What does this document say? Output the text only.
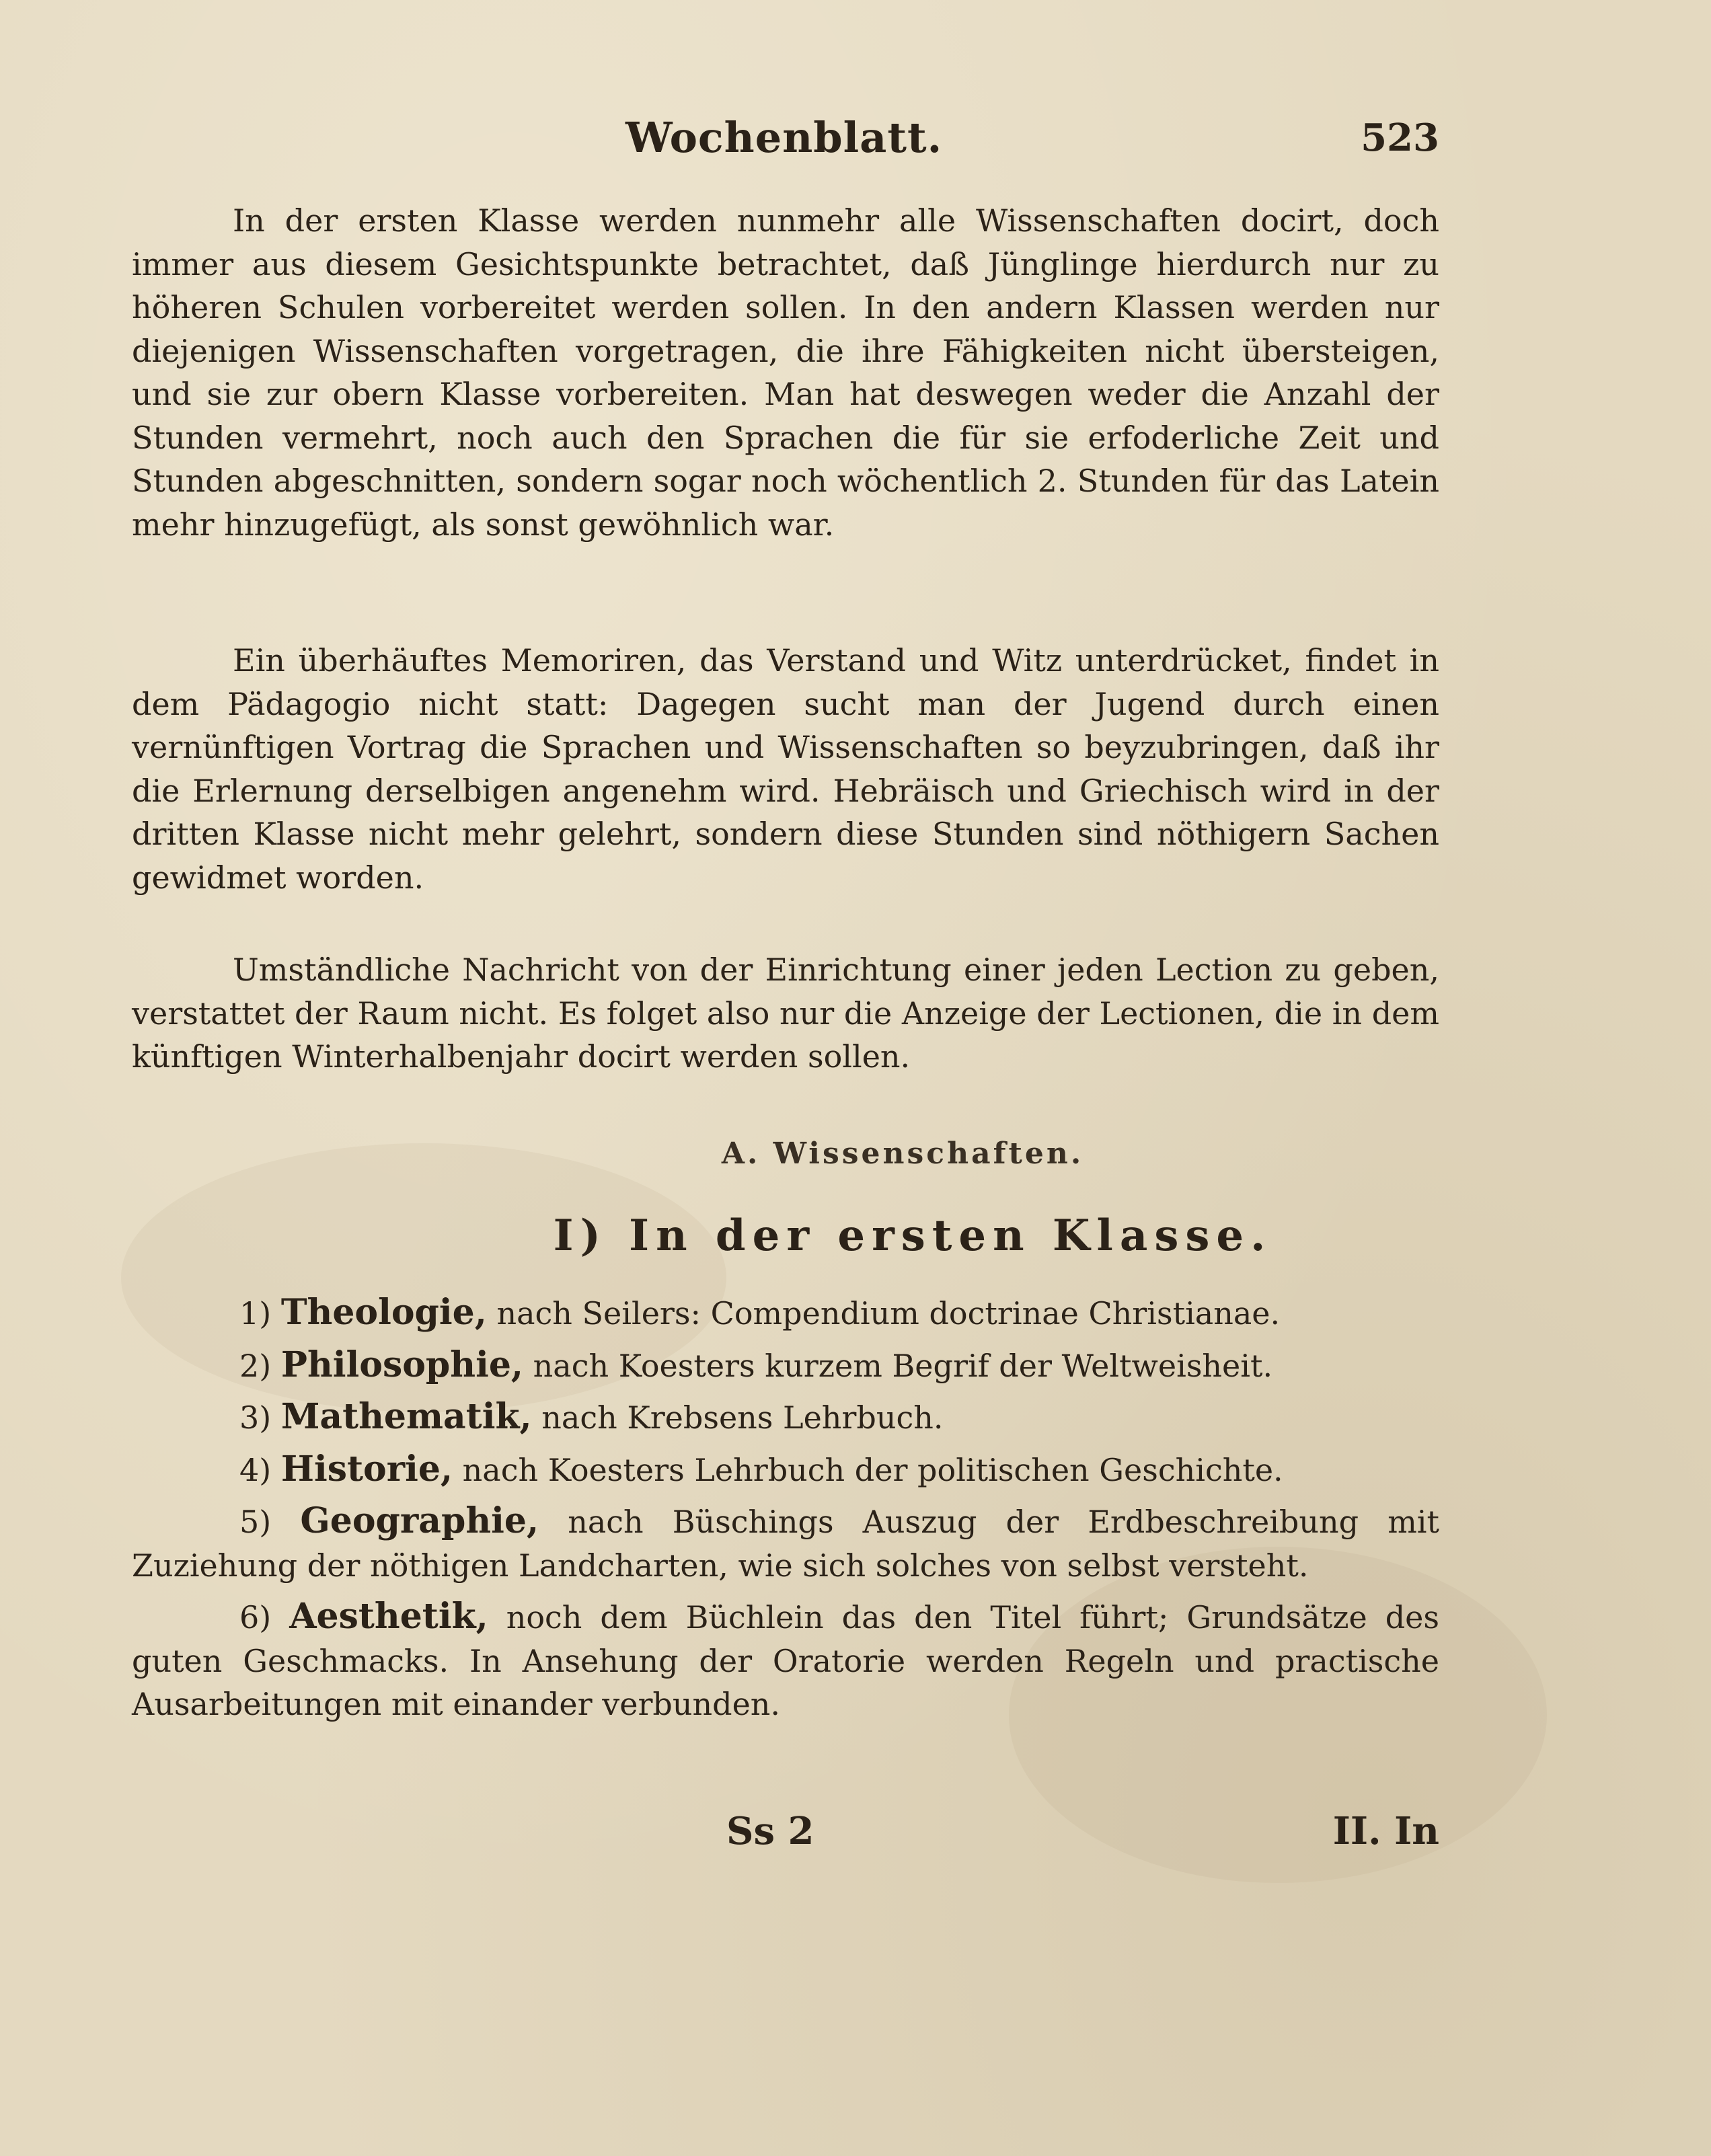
Wochenblatt.	523

In der ersten Klasse werden nunmehr alle Wissenschaften docirt, doch immer aus diesem Gesichtspunkte betrachtet, daß Jünglinge hierdurch nur zu höheren Schulen vorbereitet werden sollen. In den andern Klassen werden nur diejenigen Wissenschaften vorgetragen, die ihre Fähigkeiten nicht übersteigen, und sie zur obern Klasse vorbereiten. Man hat deswegen weder die Anzahl der Stunden vermehrt, noch auch den Sprachen die für sie erfoderliche Zeit und Stunden abgeschnitten, sondern sogar noch wöchentlich 2. Stunden für das Latein mehr hinzugefügt, als sonst gewöhnlich war.

Ein überhäuftes Memoriren, das Verstand und Witz unterdrücket, findet in dem Pädagogio nicht statt: Dagegen sucht man der Jugend durch einen vernünftigen Vortrag die Sprachen und Wissenschaften so beyzubringen, daß ihr die Erlernung derselbigen angenehm wird. Hebräisch und Griechisch wird in der dritten Klasse nicht mehr gelehrt, sondern diese Stunden sind nöthigern Sachen gewidmet worden.

Umständliche Nachricht von der Einrichtung einer jeden Lection zu geben, verstattet der Raum nicht. Es folget also nur die Anzeige der Lectionen, die in dem künftigen Winterhalbenjahr docirt werden sollen.

A. Wissenschaften.
I) In der ersten Klasse.

1) Theologie, nach Seilers: Compendium doctrinae Christianae.

2) Philosophie, nach Koesters kurzem Begrif der Weltweisheit.

3) Mathematik, nach Krebsens Lehrbuch.

4) Historie, nach Koesters Lehrbuch der politischen Geschichte.

5) Geographie, nach Büschings Auszug der Erdbeschreibung mit Zuziehung der nöthigen Landcharten, wie sich solches von selbst versteht.

6) Aesthetik, noch dem Büchlein das den Titel führt; Grundsätze des guten Geschmacks. In Ansehung der Oratorie werden Regeln und practische Ausarbeitungen mit einander verbunden.

Ss 2	II. In
